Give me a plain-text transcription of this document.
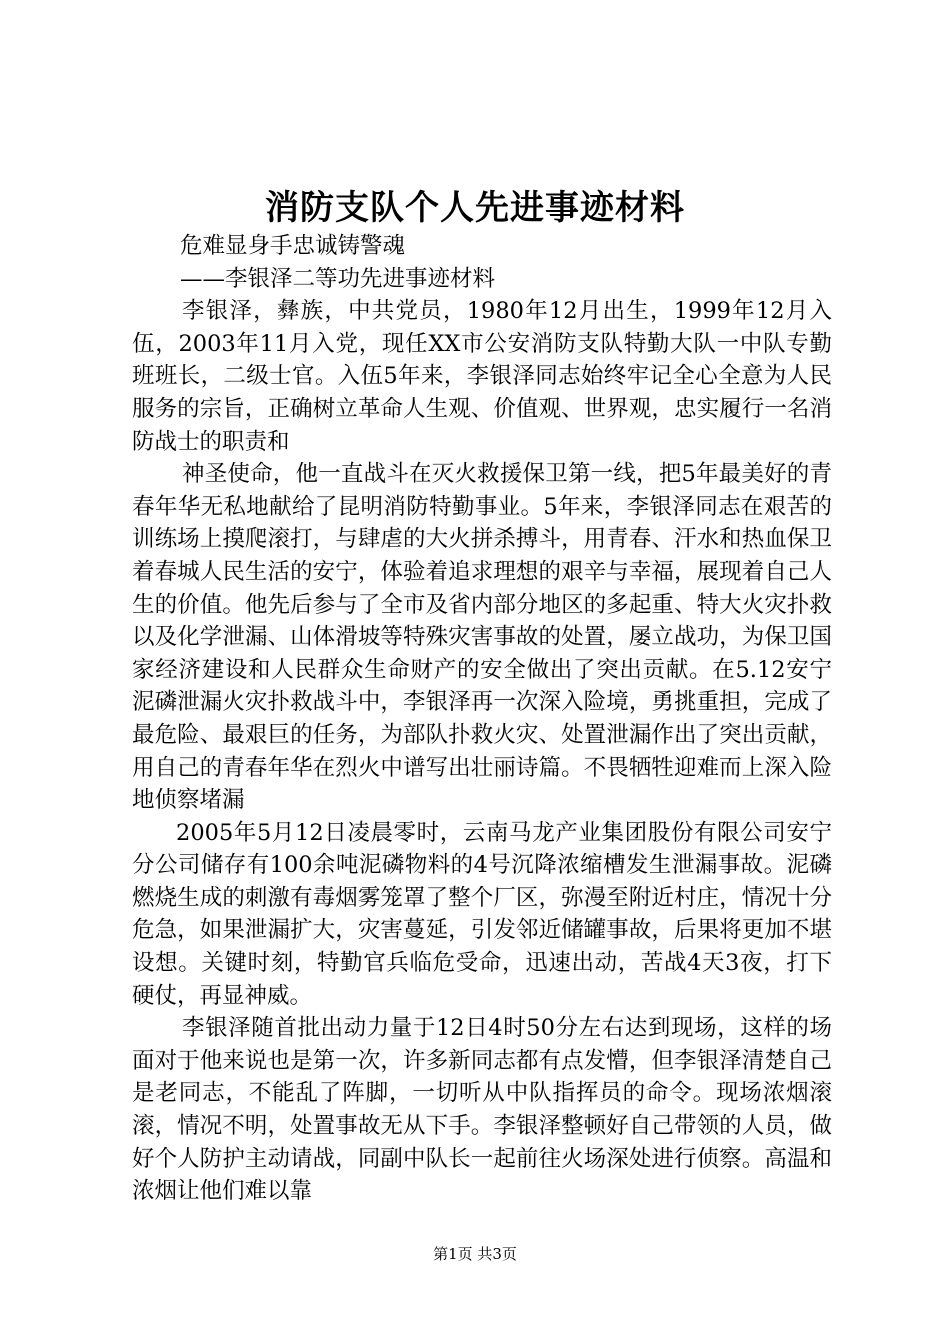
消防支队个人先进事迹材料

危难显身手忠诚铸警魂

——李银泽二等功先进事迹材料

李银泽，彝族，中共党员，1980年12月出生，1999年12月入伍，2003年11月入党，现任XX市公安消防支队特勤大队一中队专勤班班长，二级士官。入伍5年来，李银泽同志始终牢记全心全意为人民服务的宗旨，正确树立革命人生观、价值观、世界观，忠实履行一名消防战士的职责和

神圣使命，他一直战斗在灭火救援保卫第一线，把5年最美好的青春年华无私地献给了昆明消防特勤事业。5年来，李银泽同志在艰苦的训练场上摸爬滚打，与肆虐的大火拼杀搏斗，用青春、汗水和热血保卫着春城人民生活的安宁，体验着追求理想的艰辛与幸福，展现着自己人生的价值。他先后参与了全市及省内部分地区的多起重、特大火灾扑救以及化学泄漏、山体滑坡等特殊灾害事故的处置，屡立战功，为保卫国家经济建设和人民群众生命财产的安全做出了突出贡献。在5.12安宁泥磷泄漏火灾扑救战斗中，李银泽再一次深入险境，勇挑重担，完成了最危险、最艰巨的任务，为部队扑救火灾、处置泄漏作出了突出贡献，用自己的青春年华在烈火中谱写出壮丽诗篇。不畏牺牲迎难而上深入险地侦察堵漏

2005年5月12日凌晨零时，云南马龙产业集团股份有限公司安宁分公司储存有100余吨泥磷物料的4号沉降浓缩槽发生泄漏事故。泥磷燃烧生成的刺激有毒烟雾笼罩了整个厂区，弥漫至附近村庄，情况十分危急，如果泄漏扩大，灾害蔓延，引发邻近储罐事故，后果将更加不堪设想。关键时刻，特勤官兵临危受命，迅速出动，苦战4天3夜，打下硬仗，再显神威。

李银泽随首批出动力量于12日4时50分左右达到现场，这样的场面对于他来说也是第一次，许多新同志都有点发懵，但李银泽清楚自己是老同志，不能乱了阵脚，一切听从中队指挥员的命令。现场浓烟滚滚，情况不明，处置事故无从下手。李银泽整顿好自己带领的人员，做好个人防护主动请战，同副中队长一起前往火场深处进行侦察。高温和浓烟让他们难以靠

第1页 共3页
